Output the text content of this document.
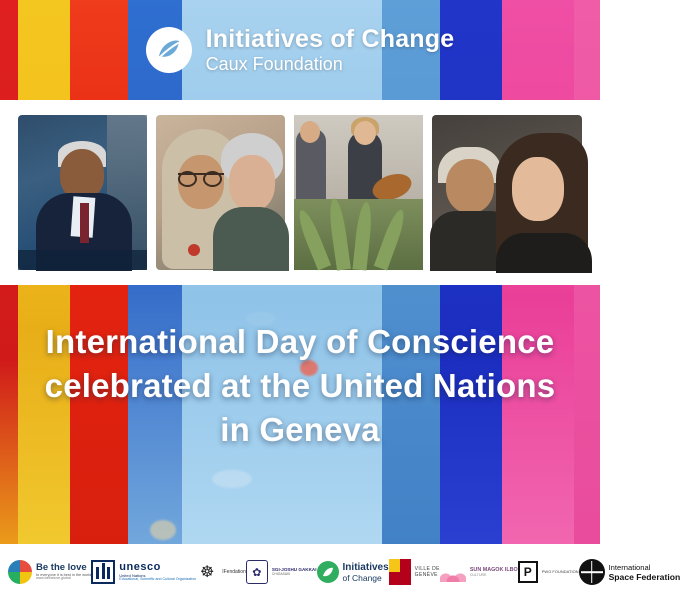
Initiatives of Change
Caux Foundation
International Day of Conscience
celebrated at the United Nations
in Geneva
Be the love
to everyone it is best in the world
www.bethelove.global
unesco
United Nations
Educational, Scientific and Cultural Organization ☸	IFendation ✿	SGI-JOSHU GAKKAI
CHIGASAKI
Initiatives
of Change
VILLE DE
GENÈVE
SUN MAGOK ILBO
CULTURE	P	PWG FOUNDATION	International
Space Federation
